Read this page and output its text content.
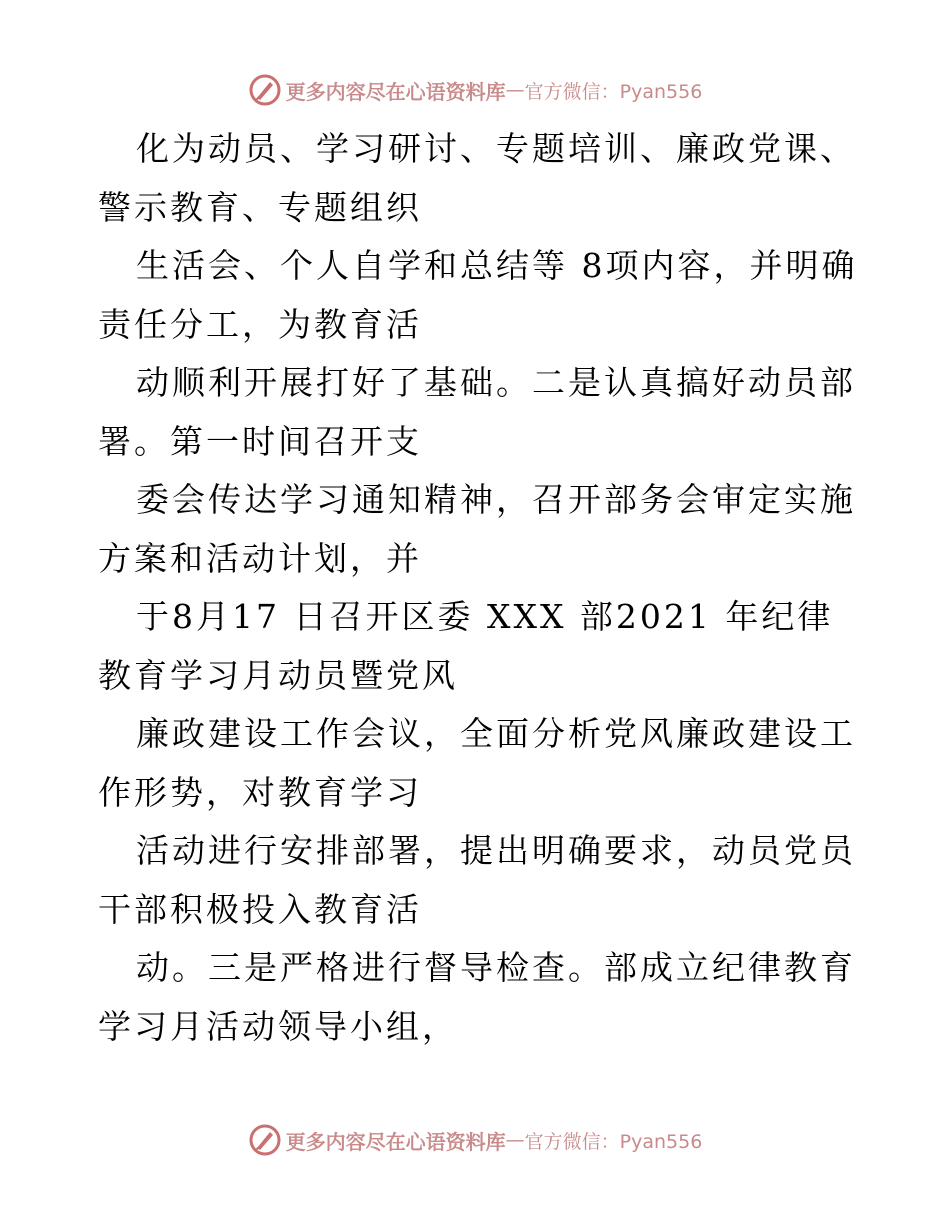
更多内容尽在心语资料库 — 官方微信：Pyan556

化为动员、学习研讨、专题培训、廉政党课、警示教育、专题组织

生活会、个人自学和总结等 8项内容，并明确责任分工，为教育活

动顺利开展打好了基础。二是认真搞好动员部署。第一时间召开支

委会传达学习通知精神，召开部务会审定实施方案和活动计划，并

于8月17 日召开区委 XXX 部2021 年纪律教育学习月动员暨党风

廉政建设工作会议，全面分析党风廉政建设工作形势，对教育学习

活动进行安排部署，提出明确要求，动员党员干部积极投入教育活

动。三是严格进行督导检查。部成立纪律教育学习月活动领导小组，

更多内容尽在心语资料库 — 官方微信：Pyan556
